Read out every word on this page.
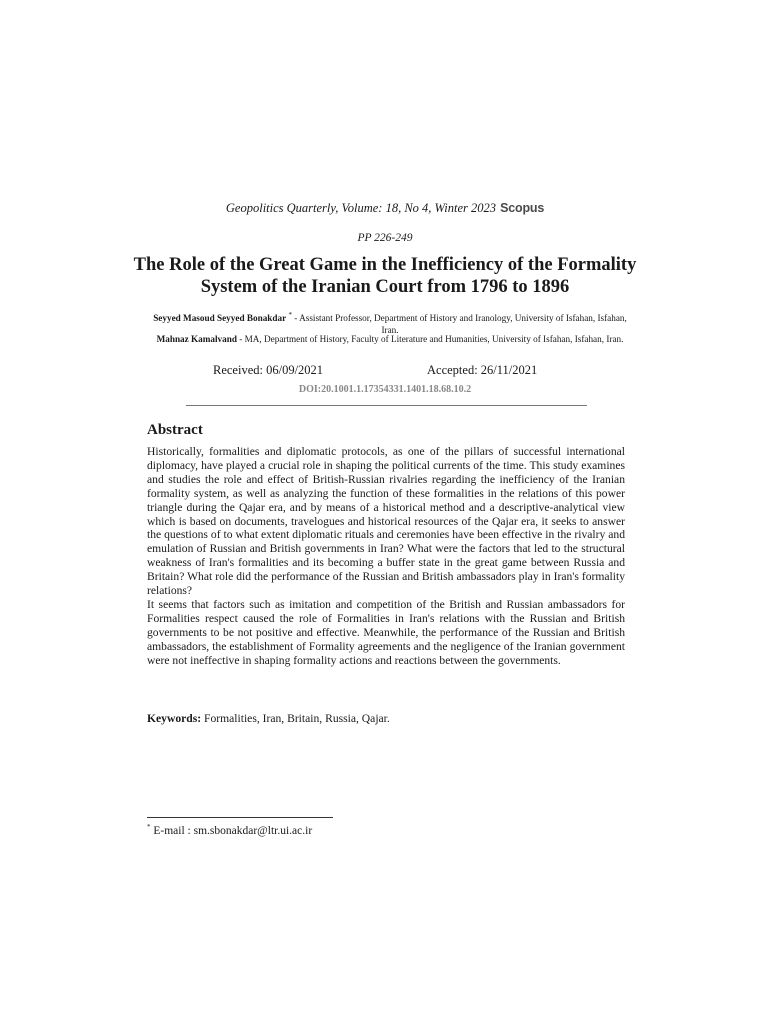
Geopolitics Quarterly, Volume: 18, No 4, Winter 2023 Scopus
PP 226-249
The Role of the Great Game in the Inefficiency of the Formality System of the Iranian Court from 1796 to 1896
Seyyed Masoud Seyyed Bonakdar * - Assistant Professor, Department of History and Iranology, University of Isfahan, Isfahan, Iran.
Mahnaz Kamalvand - MA, Department of History, Faculty of Literature and Humanities, University of Isfahan, Isfahan, Iran.
Received: 06/09/2021	Accepted: 26/11/2021
DOI:20.1001.1.17354331.1401.18.68.10.2
Abstract

Historically, formalities and diplomatic protocols, as one of the pillars of successful international diplomacy, have played a crucial role in shaping the political currents of the time. This study examines and studies the role and effect of British-Russian rivalries regarding the inefficiency of the Iranian formality system, as well as analyzing the function of these formalities in the relations of this power triangle during the Qajar era, and by means of a historical method and a descriptive-analytical view which is based on documents, travelogues and historical resources of the Qajar era, it seeks to answer the questions of to what extent diplomatic rituals and ceremonies have been effective in the rivalry and emulation of Russian and British governments in Iran? What were the factors that led to the structural weakness of Iran's formalities and its becoming a buffer state in the great game between Russia and Britain? What role did the performance of the Russian and British ambassadors play in Iran's formality relations?

It seems that factors such as imitation and competition of the British and Russian ambassadors for Formalities respect caused the role of Formalities in Iran's relations with the Russian and British governments to be not positive and effective. Meanwhile, the performance of the Russian and British ambassadors, the establishment of Formality agreements and the negligence of the Iranian government were not ineffective in shaping formality actions and reactions between the governments.

Keywords: Formalities, Iran, Britain, Russia, Qajar.
* E-mail : sm.sbonakdar@ltr.ui.ac.ir
